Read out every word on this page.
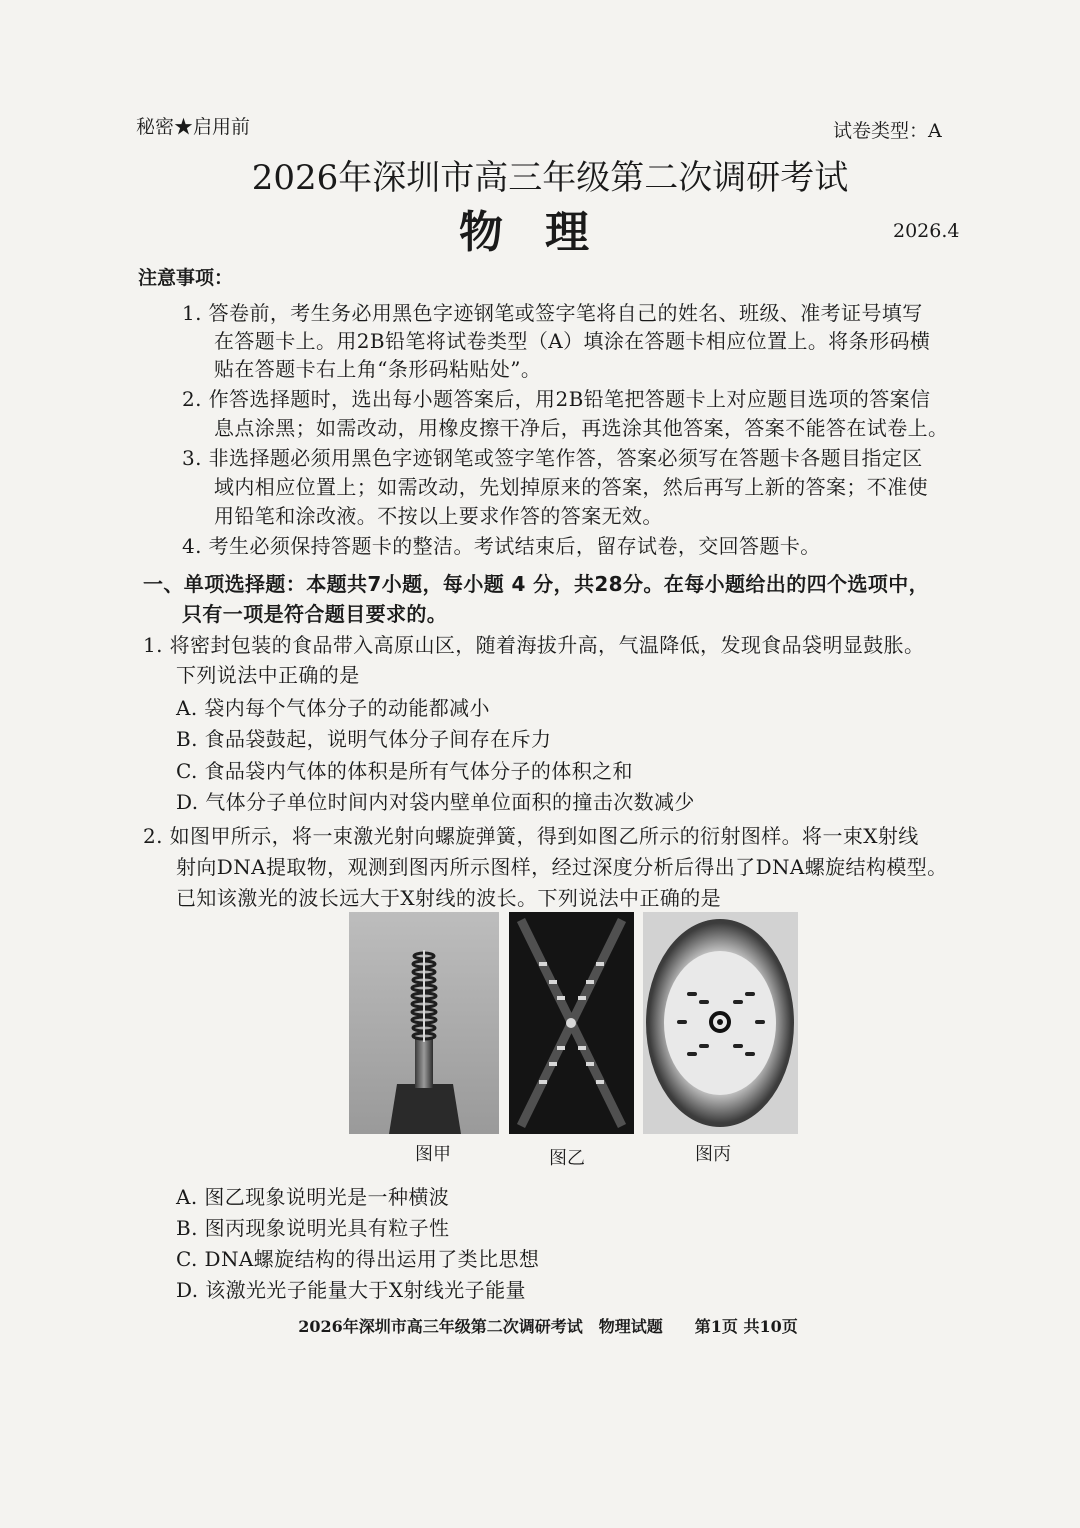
秘密★启用前	试卷类型：A
2026年深圳市高三年级第二次调研考试
物理	2026.4
注意事项：
1. 答卷前，考生务必用黑色字迹钢笔或签字笔将自己的姓名、班级、准考证号填写
在答题卡上。用2B铅笔将试卷类型（A）填涂在答题卡相应位置上。将条形码横
贴在答题卡右上角“条形码粘贴处”。
2. 作答选择题时，选出每小题答案后，用2B铅笔把答题卡上对应题目选项的答案信
息点涂黑；如需改动，用橡皮擦干净后，再选涂其他答案，答案不能答在试卷上。
3. 非选择题必须用黑色字迹钢笔或签字笔作答，答案必须写在答题卡各题目指定区
域内相应位置上；如需改动，先划掉原来的答案，然后再写上新的答案；不准使
用铅笔和涂改液。不按以上要求作答的答案无效。
4. 考生必须保持答题卡的整洁。考试结束后，留存试卷，交回答题卡。
一、单项选择题：本题共7小题，每小题 4 分，共28分。在每小题给出的四个选项中，
只有一项是符合题目要求的。
1. 将密封包装的食品带入高原山区，随着海拔升高，气温降低，发现食品袋明显鼓胀。
下列说法中正确的是
A. 袋内每个气体分子的动能都减小
B. 食品袋鼓起，说明气体分子间存在斥力
C. 食品袋内气体的体积是所有气体分子的体积之和
D. 气体分子单位时间内对袋内壁单位面积的撞击次数减少
2. 如图甲所示，将一束激光射向螺旋弹簧，得到如图乙所示的衍射图样。将一束X射线
射向DNA提取物，观测到图丙所示图样，经过深度分析后得出了DNA螺旋结构模型。
已知该激光的波长远大于X射线的波长。下列说法中正确的是
图甲	图乙	图丙
A. 图乙现象说明光是一种横波
B. 图丙现象说明光具有粒子性
C. DNA螺旋结构的得出运用了类比思想
D. 该激光光子能量大于X射线光子能量
2026年深圳市高三年级第二次调研考试　物理试题　　第1页 共10页
